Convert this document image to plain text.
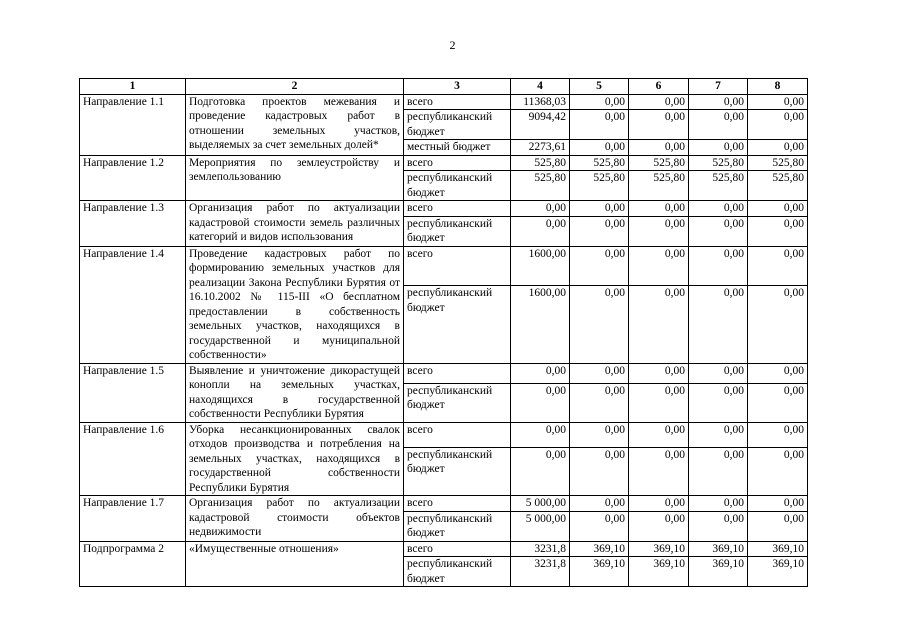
2
1	2	3	4	5	6	7	8
Направление 1.1	Подготовка проектов межевания и проведение кадастровых работ в отношении земельных участков, выделяемых за счет земельных долей*	всего	11368,03	0,00	0,00	0,00	0,00
		республиканский бюджет	9094,42	0,00	0,00	0,00	0,00
		местный бюджет	2273,61	0,00	0,00	0,00	0,00
Направление 1.2	Мероприятия по землеустройству и землепользованию	всего	525,80	525,80	525,80	525,80	525,80
		республиканский бюджет	525,80	525,80	525,80	525,80	525,80
Направление 1.3	Организация работ по актуализации кадастровой стоимости земель различных категорий и видов использования	всего	0,00	0,00	0,00	0,00	0,00
		республиканский бюджет	0,00	0,00	0,00	0,00	0,00
Направление 1.4	Проведение кадастровых работ по формированию земельных участков для реализации Закона Республики Бурятия от 16.10.2002 № 115-III «О бесплатном предоставлении в собственность земельных участков, находящихся в государственной и муниципальной собственности»	всего	1600,00	0,00	0,00	0,00	0,00
		республиканский бюджет	1600,00	0,00	0,00	0,00	0,00
Направление 1.5	Выявление и уничтожение дикорастущей конопли на земельных участках, находящихся в государственной собственности Республики Бурятия	всего	0,00	0,00	0,00	0,00	0,00
		республиканский бюджет	0,00	0,00	0,00	0,00	0,00
Направление 1.6	Уборка несанкционированных свалок отходов производства и потребления на земельных участках, находящихся в государственной собственности Республики Бурятия	всего	0,00	0,00	0,00	0,00	0,00
		республиканский бюджет	0,00	0,00	0,00	0,00	0,00
Направление 1.7	Организация работ по актуализации кадастровой стоимости объектов недвижимости	всего	5 000,00	0,00	0,00	0,00	0,00
		республиканский бюджет	5 000,00	0,00	0,00	0,00	0,00
Подпрограмма 2	«Имущественные отношения»	всего	3231,8	369,10	369,10	369,10	369,10
		республиканский бюджет	3231,8	369,10	369,10	369,10	369,10
